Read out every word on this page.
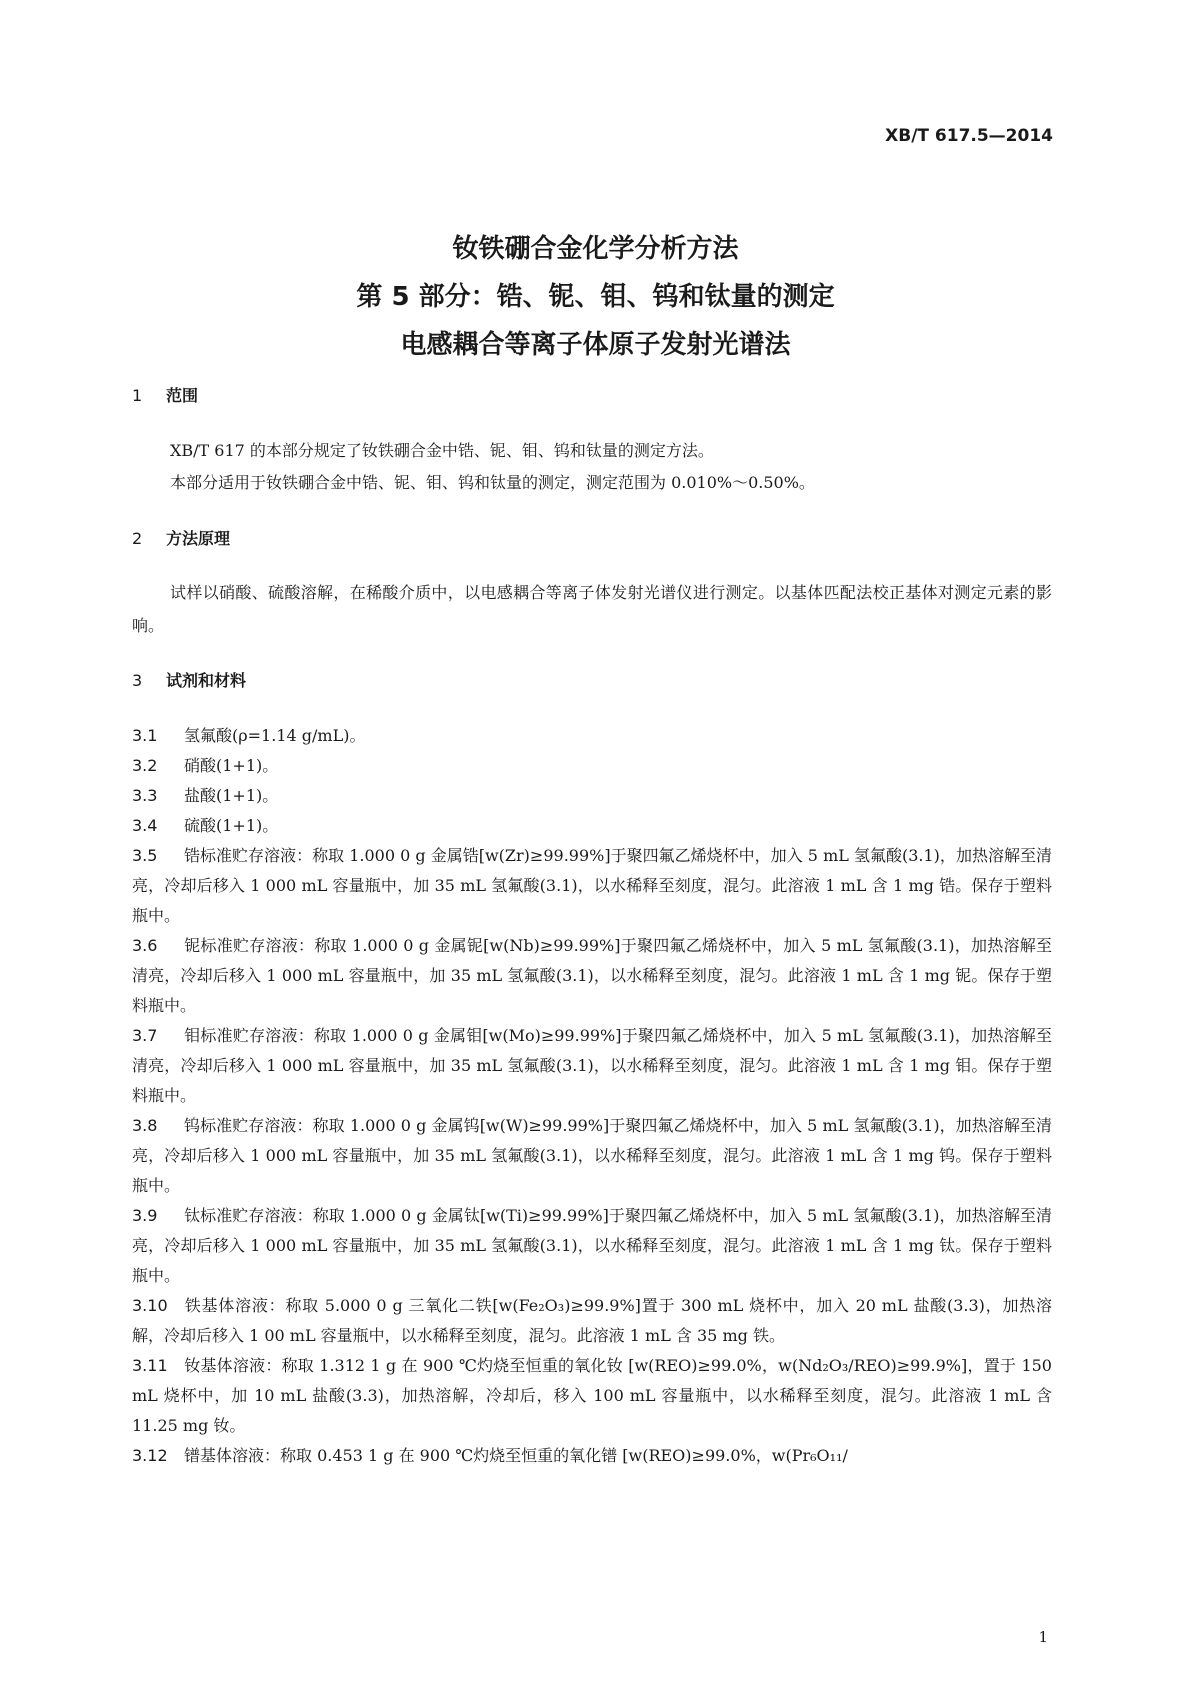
XB/T 617.5—2014
钕铁硼合金化学分析方法
第 5 部分：锆、铌、钼、钨和钛量的测定
电感耦合等离子体原子发射光谱法
1 范围
XB/T 617 的本部分规定了钕铁硼合金中锆、铌、钼、钨和钛量的测定方法。
本部分适用于钕铁硼合金中锆、铌、钼、钨和钛量的测定，测定范围为 0.010%～0.50%。
2 方法原理
试样以硝酸、硫酸溶解，在稀酸介质中，以电感耦合等离子体发射光谱仪进行测定。以基体匹配法校正基体对测定元素的影响。
3 试剂和材料
3.1 氢氟酸(ρ=1.14 g/mL)。
3.2 硝酸(1+1)。
3.3 盐酸(1+1)。
3.4 硫酸(1+1)。
3.5 锆标准贮存溶液：称取 1.000 0 g 金属锆[w(Zr)≥99.99%]于聚四氟乙烯烧杯中，加入 5 mL 氢氟酸(3.1)，加热溶解至清亮，冷却后移入 1 000 mL 容量瓶中，加 35 mL 氢氟酸(3.1)，以水稀释至刻度，混匀。此溶液 1 mL 含 1 mg 锆。保存于塑料瓶中。
3.6 铌标准贮存溶液：称取 1.000 0 g 金属铌[w(Nb)≥99.99%]于聚四氟乙烯烧杯中，加入 5 mL 氢氟酸(3.1)，加热溶解至清亮，冷却后移入 1 000 mL 容量瓶中，加 35 mL 氢氟酸(3.1)，以水稀释至刻度，混匀。此溶液 1 mL 含 1 mg 铌。保存于塑料瓶中。
3.7 钼标准贮存溶液：称取 1.000 0 g 金属钼[w(Mo)≥99.99%]于聚四氟乙烯烧杯中，加入 5 mL 氢氟酸(3.1)，加热溶解至清亮，冷却后移入 1 000 mL 容量瓶中，加 35 mL 氢氟酸(3.1)，以水稀释至刻度，混匀。此溶液 1 mL 含 1 mg 钼。保存于塑料瓶中。
3.8 钨标准贮存溶液：称取 1.000 0 g 金属钨[w(W)≥99.99%]于聚四氟乙烯烧杯中，加入 5 mL 氢氟酸(3.1)，加热溶解至清亮，冷却后移入 1 000 mL 容量瓶中，加 35 mL 氢氟酸(3.1)，以水稀释至刻度，混匀。此溶液 1 mL 含 1 mg 钨。保存于塑料瓶中。
3.9 钛标准贮存溶液：称取 1.000 0 g 金属钛[w(Ti)≥99.99%]于聚四氟乙烯烧杯中，加入 5 mL 氢氟酸(3.1)，加热溶解至清亮，冷却后移入 1 000 mL 容量瓶中，加 35 mL 氢氟酸(3.1)，以水稀释至刻度，混匀。此溶液 1 mL 含 1 mg 钛。保存于塑料瓶中。
3.10 铁基体溶液：称取 5.000 0 g 三氧化二铁[w(Fe₂O₃)≥99.9%]置于 300 mL 烧杯中，加入 20 mL 盐酸(3.3)，加热溶解，冷却后移入 1 00 mL 容量瓶中，以水稀释至刻度，混匀。此溶液 1 mL 含 35 mg 铁。
3.11 钕基体溶液：称取 1.312 1 g 在 900 ℃灼烧至恒重的氧化钕 [w(REO)≥99.0%，w(Nd₂O₃/REO)≥99.9%]，置于 150 mL 烧杯中，加 10 mL 盐酸(3.3)，加热溶解，冷却后，移入 100 mL 容量瓶中，以水稀释至刻度，混匀。此溶液 1 mL 含 11.25 mg 钕。
3.12 镨基体溶液：称取 0.453 1 g 在 900 ℃灼烧至恒重的氧化镨 [w(REO)≥99.0%，w(Pr₆O₁₁/
1
